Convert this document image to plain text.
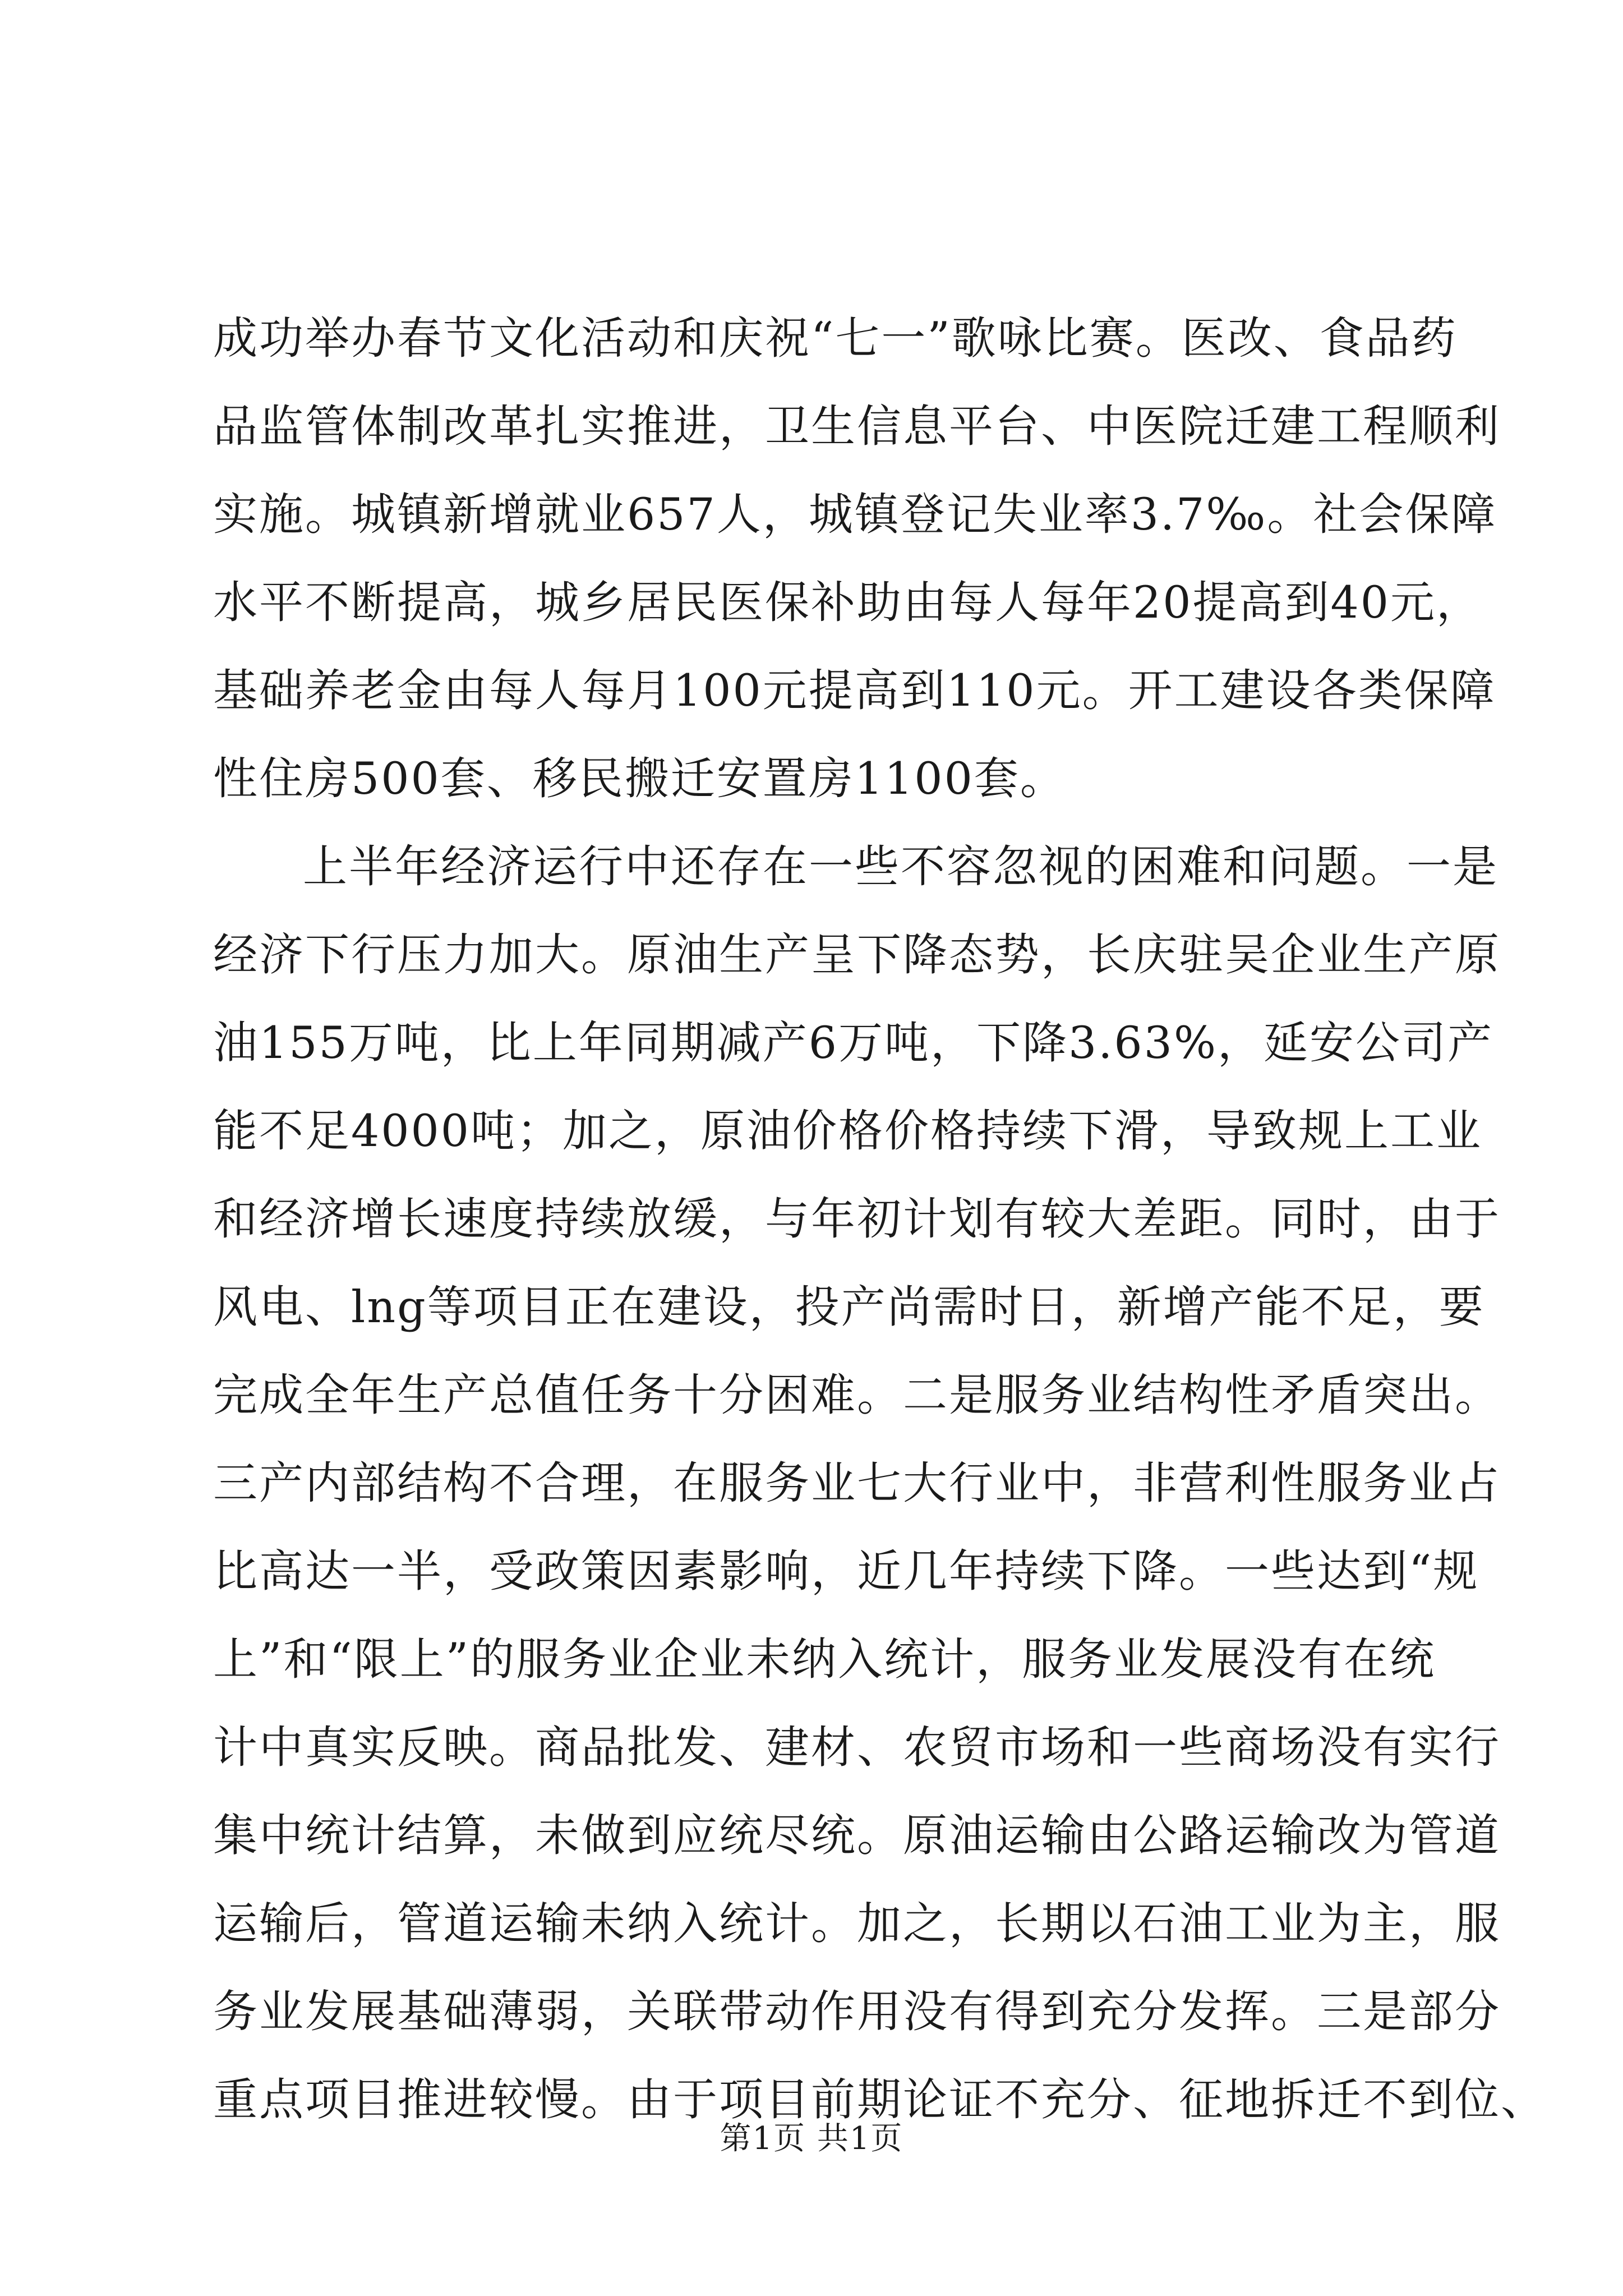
成功举办春节文化活动和庆祝“七一”歌咏比赛。医改、食品药
品监管体制改革扎实推进，卫生信息平台、中医院迁建工程顺利
实施。城镇新增就业657人，城镇登记失业率3.7‰。社会保障
水平不断提高，城乡居民医保补助由每人每年20提高到40元，
基础养老金由每人每月100元提高到110元。开工建设各类保障
性住房500套、移民搬迁安置房1100套。
上半年经济运行中还存在一些不容忽视的困难和问题。一是
经济下行压力加大。原油生产呈下降态势，长庆驻吴企业生产原
油155万吨，比上年同期减产6万吨，下降3.63%，延安公司产
能不足4000吨；加之，原油价格价格持续下滑，导致规上工业
和经济增长速度持续放缓，与年初计划有较大差距。同时，由于
风电、lng等项目正在建设，投产尚需时日，新增产能不足，要
完成全年生产总值任务十分困难。二是服务业结构性矛盾突出。
三产内部结构不合理，在服务业七大行业中，非营利性服务业占
比高达一半，受政策因素影响，近几年持续下降。一些达到“规
上”和“限上”的服务业企业未纳入统计，服务业发展没有在统
计中真实反映。商品批发、建材、农贸市场和一些商场没有实行
集中统计结算，未做到应统尽统。原油运输由公路运输改为管道
运输后，管道运输未纳入统计。加之，长期以石油工业为主，服
务业发展基础薄弱，关联带动作用没有得到充分发挥。三是部分
重点项目推进较慢。由于项目前期论证不充分、征地拆迁不到位、
第1页 共1页
